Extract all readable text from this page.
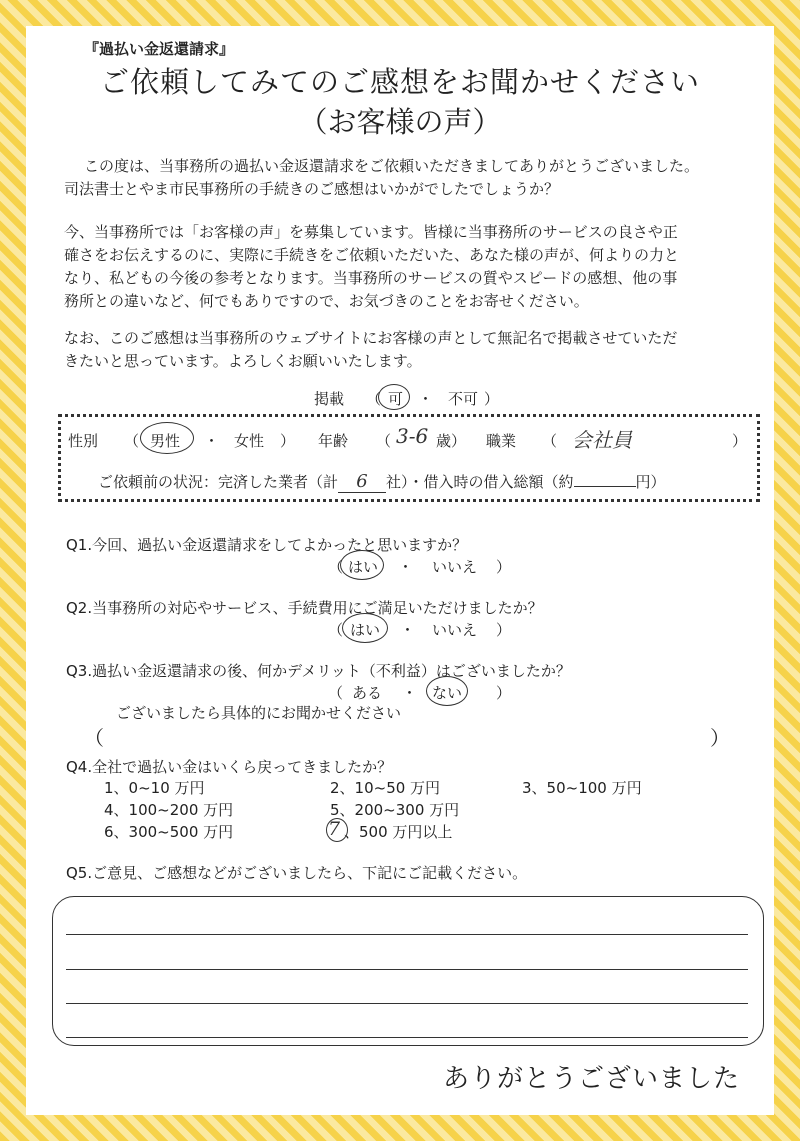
『過払い金返還請求』
ご依頼してみてのご感想をお聞かせください
（お客様の声）
この度は、当事務所の過払い金返還請求をご依頼いただきましてありがとうございました。
司法書士とやま市民事務所の手続きのご感想はいかがでしたでしょうか？
今、当事務所では「お客様の声」を募集しています。皆様に当事務所のサービスの良さや正
確さをお伝えするのに、実際に手続きをご依頼いただいた、あなた様の声が、何よりの力と
なり、私どもの今後の参考となります。当事務所のサービスの質やスピードの感想、他の事
務所との違いなど、何でもありですので、お気づきのことをお寄せください。
なお、このご感想は当事務所のウェブサイトにお客様の声として無記名で掲載させていただ
きたいと思っています。よろしくお願いいたします。
掲載 （ 可 ・ 不可 ）
性別 （ 男性 ・ 女性 ） 年齢 （ 3-6 歳） 職業 （ 会社員	）
ご依頼前の状況：完済した業者（計 6 社）・借入時の借入総額（約	円）
Q1.今回、過払い金返還請求をしてよかったと思いますか？
（ はい ・ いいえ ）
Q2.当事務所の対応やサービス、手続費用にご満足いただけましたか？
（ はい ・ いいえ ）
Q3.過払い金返還請求の後、何かデメリット（不利益）はございましたか？
（ ある ・ ない ）
ございましたら具体的にお聞かせください
（	）
Q4.全社で過払い金はいくら戻ってきましたか？
1、0~10 万円	2、10~50 万円	3、50~100 万円
4、100~200 万円	5、200~300 万円
6、300~500 万円	7 、500 万円以上
Q5.ご意見、ご感想などがございましたら、下記にご記載ください。
ありがとうございました
